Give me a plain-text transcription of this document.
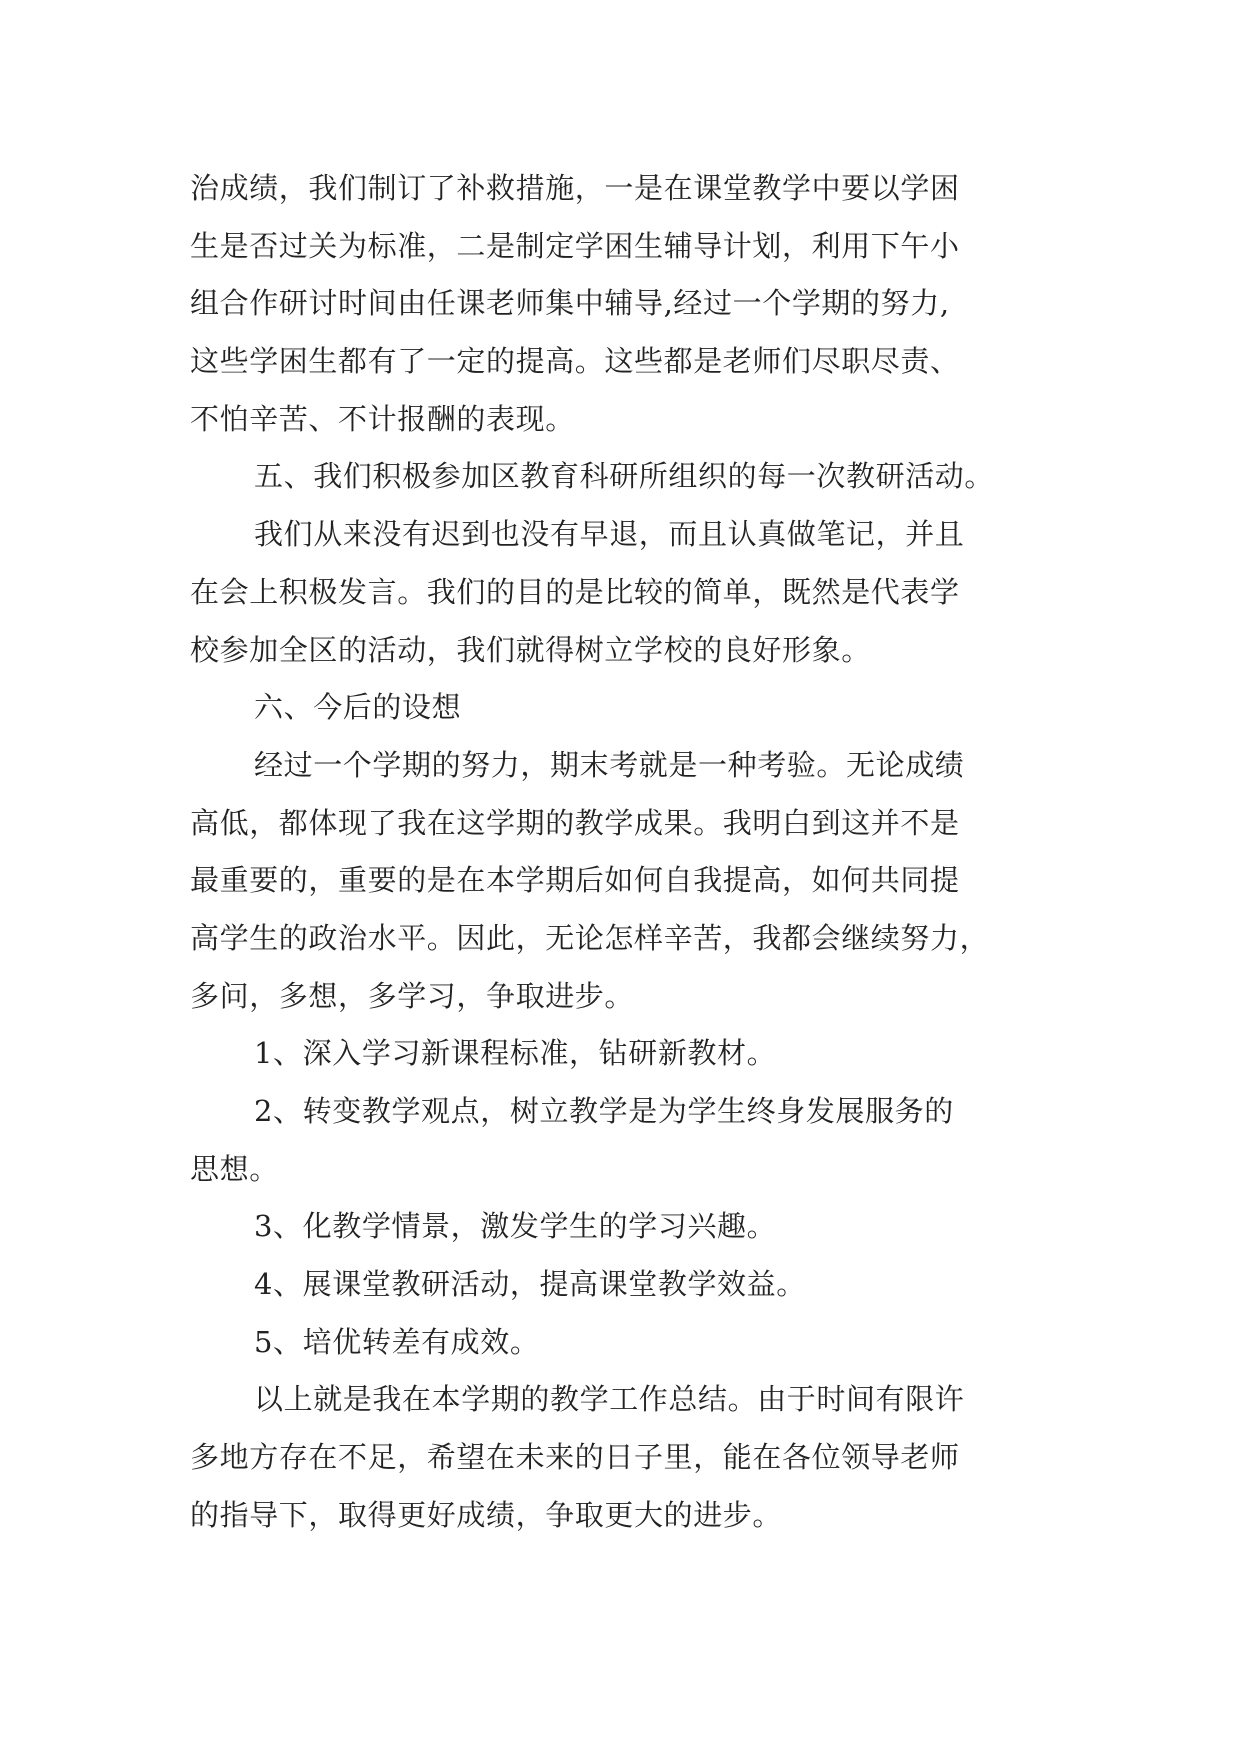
治成绩，我们制订了补救措施，一是在课堂教学中要以学困
生是否过关为标准，二是制定学困生辅导计划，利用下午小
组合作研讨时间由任课老师集中辅导,经过一个学期的努力,
这些学困生都有了一定的提高。这些都是老师们尽职尽责、
不怕辛苦、不计报酬的表现。
五、我们积极参加区教育科研所组织的每一次教研活动。
我们从来没有迟到也没有早退，而且认真做笔记，并且
在会上积极发言。我们的目的是比较的简单，既然是代表学
校参加全区的活动，我们就得树立学校的良好形象。
六、今后的设想
经过一个学期的努力，期末考就是一种考验。无论成绩
高低，都体现了我在这学期的教学成果。我明白到这并不是
最重要的，重要的是在本学期后如何自我提高，如何共同提
高学生的政治水平。因此，无论怎样辛苦，我都会继续努力，
多问，多想，多学习，争取进步。
1、深入学习新课程标准，钻研新教材。
2、转变教学观点，树立教学是为学生终身发展服务的
思想。
3、化教学情景，激发学生的学习兴趣。
4、展课堂教研活动，提高课堂教学效益。
5、培优转差有成效。
以上就是我在本学期的教学工作总结。由于时间有限许
多地方存在不足，希望在未来的日子里，能在各位领导老师
的指导下，取得更好成绩，争取更大的进步。
